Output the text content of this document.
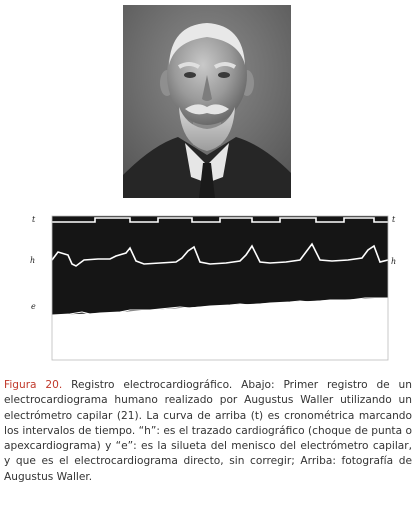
t	t
h	h
e
Figura 20. Registro electrocardiográfico. Abajo: Primer registro de un electrocardiograma humano realizado por Augustus Waller utilizando un electrómetro capilar (21). La curva de arriba (t) es cronométrica marcando los intervalos de tiempo. “h”: es el trazado cardiográfico (choque de punta o apexcardiograma) y “e”: es la silueta del menisco del electrómetro capilar, y que es el electrocardiograma directo, sin corregir; Arriba: fotografía de Augustus Waller.
